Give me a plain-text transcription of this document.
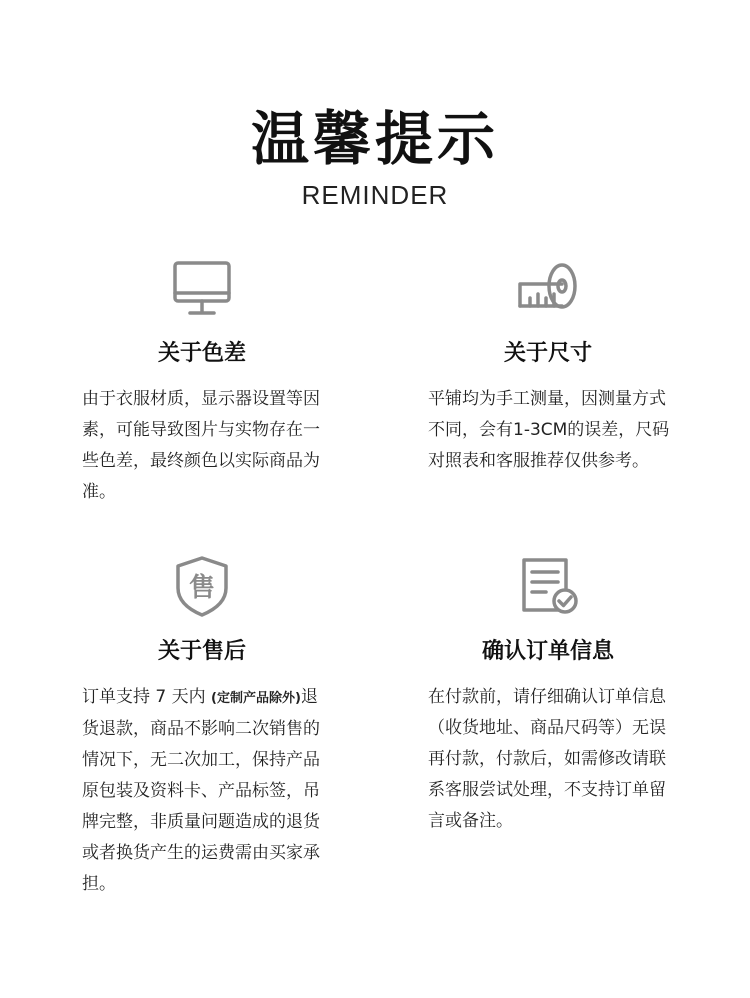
温馨提示
REMINDER
关于色差
由于衣服材质，显示器设置等因素，可能导致图片与实物存在一些色差，最终颜色以实际商品为准。
关于尺寸
平铺均为手工测量，因测量方式不同，会有1-3CM的误差，尺码对照表和客服推荐仅供参考。
售
关于售后
订单支持 7 天内 (定制产品除外)退货退款，商品不影响二次销售的情况下，无二次加工，保持产品原包装及资料卡、产品标签，吊牌完整，非质量问题造成的退货或者换货产生的运费需由买家承担。
确认订单信息
在付款前，请仔细确认订单信息（收货地址、商品尺码等）无误再付款，付款后，如需修改请联系客服尝试处理，不支持订单留言或备注。
